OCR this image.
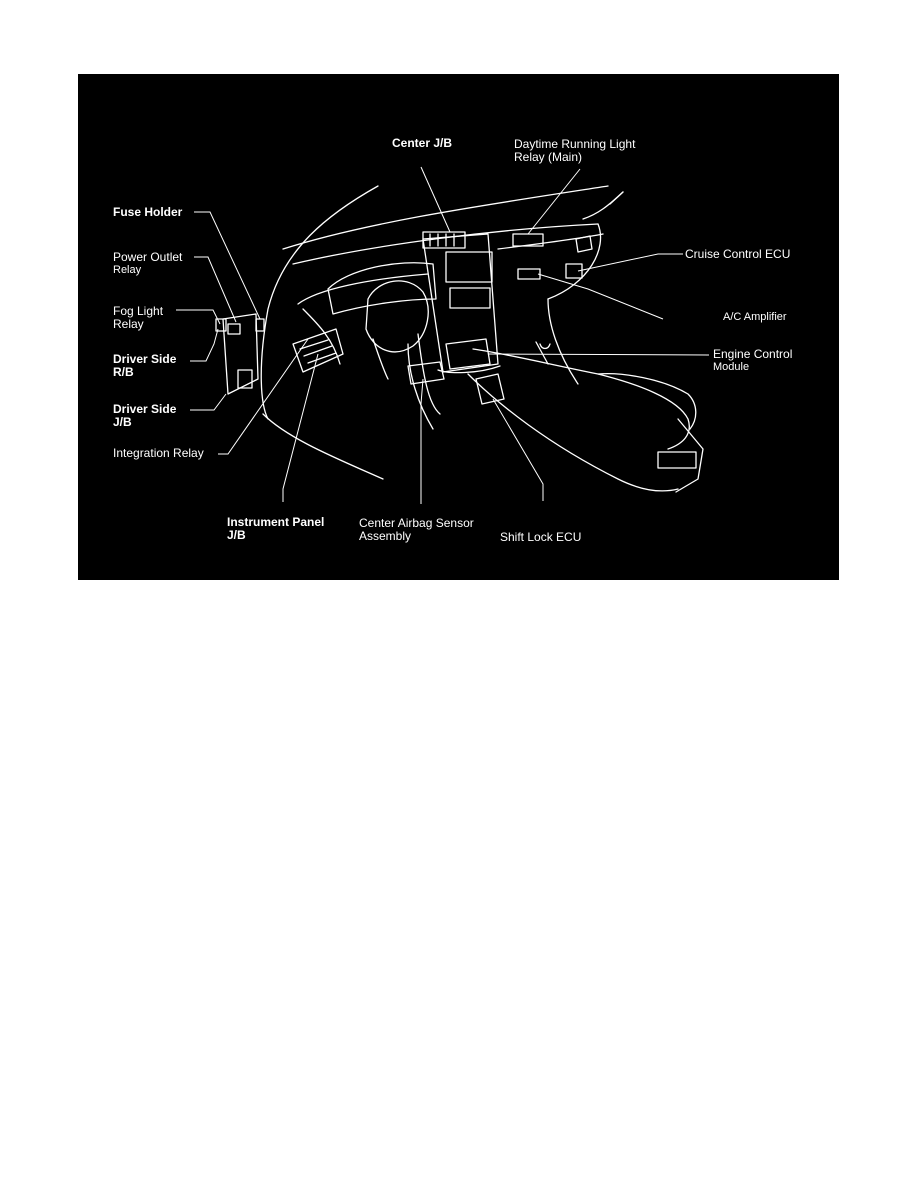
Center J/B	Daytime Running Light
Relay (Main)

Fuse Holder

Power Outlet
Relay

Fog Light
Relay

Driver Side
R/B

Driver Side
J/B

Integration Relay

Instrument Panel
J/B

Center Airbag Sensor
Assembly	Shift Lock ECU

Cruise Control ECU

A/C Amplifier

Engine Control
Module
